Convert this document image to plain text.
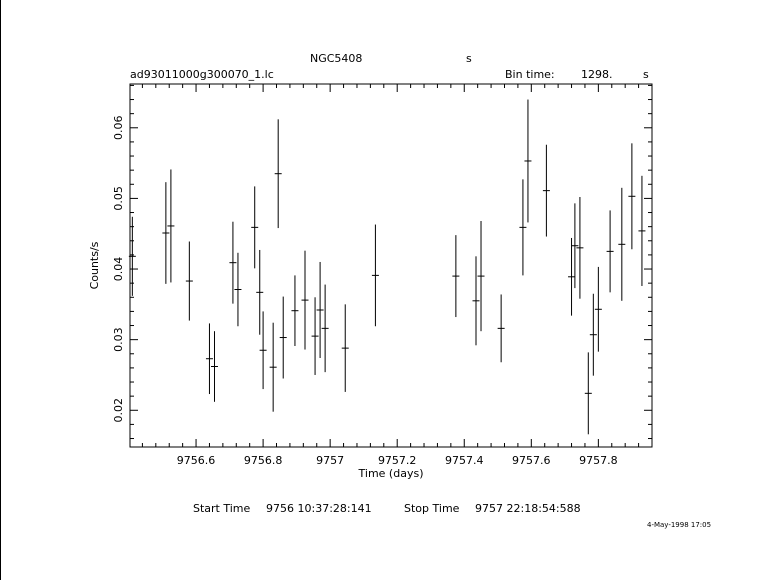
NGC5408	s
ad93011000g300070_1.lc	Bin time: 1298.	s
9756.6	9756.8	9757	9757.2	9757.4	9757.6	9757.8
0.02
0.03
0.04
0.05
0.06
Time (days)
Counts/s
Start Time 9756 10:37:28:141	Stop Time 9757 22:18:54:588
4-May-1998 17:05
